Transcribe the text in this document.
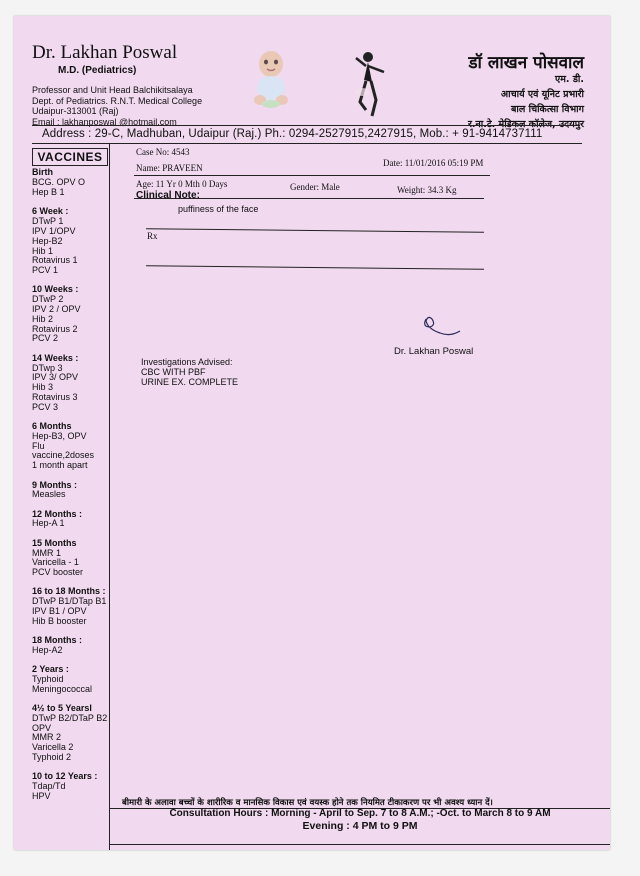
Dr. Lakhan Poswal
M.D. (Pediatrics)
Professor and Unit Head Balchikitsalaya
Dept. of Pediatrics. R.N.T. Medical College
Udaipur-313001 (Raj)
Email : lakhanposwal @hotmail.com
डॉ लाखन पोसवाल
एम. डी.
आचार्य एवं यूनिट प्रभारी
बाल चिकित्सा विभाग
र.ना.टे. मेडिकल कॉलेज, उदयपुर
Address : 29-C, Madhuban, Udaipur (Raj.) Ph.: 0294-2527915,2427915, Mob.: + 91-9414737111
VACCINES
Birth
BCG. OPV O
Hep B 1
6 Week :
DTwP 1
IPV 1/OPV
Hep-B2
Hib 1
Rotavirus 1
PCV 1
10 Weeks :
DTwP 2
IPV 2 / OPV
Hib 2
Rotavirus 2
PCV 2
14 Weeks :
DTwp 3
IPV 3/ OPV
Hib 3
Rotavirus 3
PCV 3
6 Months
Hep-B3, OPV
Flu vaccine,2doses
1 month apart
9 Months :
Measles
12 Months :
Hep-A 1
15 Months
MMR 1
Varicella - 1
PCV booster
16 to 18 Months :
DTwP B1/DTap B1
IPV B1 / OPV
Hib B booster
18 Months :
Hep-A2
2 Years :
Typhoid
Meningococcal
4½ to 5 Yearsl
DTwP B2/DTaP B2
OPV
MMR 2
Varicella 2
Typhoid 2
10 to 12 Years :
Tdap/Td
HPV
Case No: 4543
Name: PRAVEEN	Date: 11/01/2016 05:19 PM
Age: 11 Yr 0 Mth 0 Days	Gender: Male	Weight: 34.3 Kg
Clinical Note:
puffiness of the face
Rx
Dr. Lakhan Poswal
Investigations Advised:
CBC WITH PBF
URINE EX. COMPLETE
बीमारी के अलावा बच्चों के शारीरिक व मानसिक विकास एवं वयस्क होने तक नियमित टीकाकरण पर भी अवश्य ध्यान दें।
Consultation Hours : Morning - April to Sep. 7 to 8 A.M.; -Oct. to March 8 to 9 AM
Evening : 4 PM to 9 PM
